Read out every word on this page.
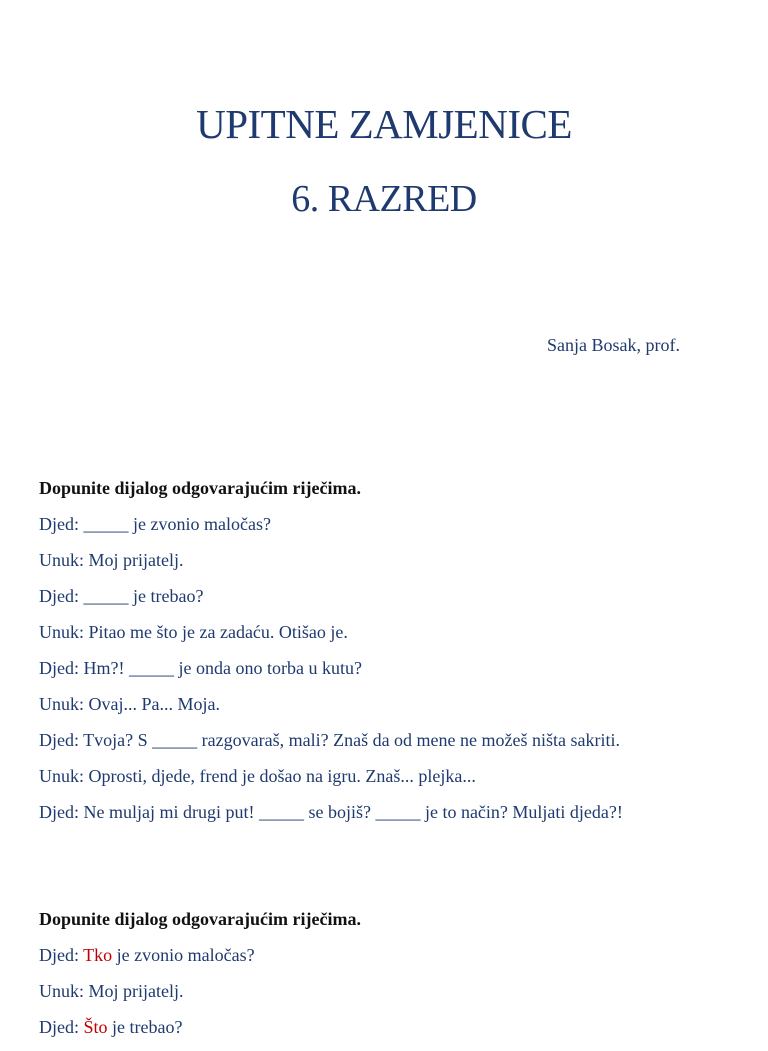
UPITNE ZAMJENICE
6. RAZRED
Sanja Bosak, prof.
Dopunite dijalog odgovarajućim riječima.
Djed: _____ je zvonio maločas?
Unuk: Moj prijatelj.
Djed: _____ je trebao?
Unuk: Pitao me što je za zadaću. Otišao je.
Djed: Hm?! _____ je onda ono torba u kutu?
Unuk: Ovaj... Pa... Moja.
Djed: Tvoja? S _____ razgovaraš, mali? Znaš da od mene ne možeš ništa sakriti.
Unuk: Oprosti, djede, frend je došao na igru. Znaš... plejka...
Djed: Ne muljaj mi drugi put! _____ se bojiš? _____ je to način? Muljati djeda?!
Dopunite dijalog odgovarajućim riječima.
Djed: Tko je zvonio maločas?
Unuk: Moj prijatelj.
Djed: Što je trebao?
